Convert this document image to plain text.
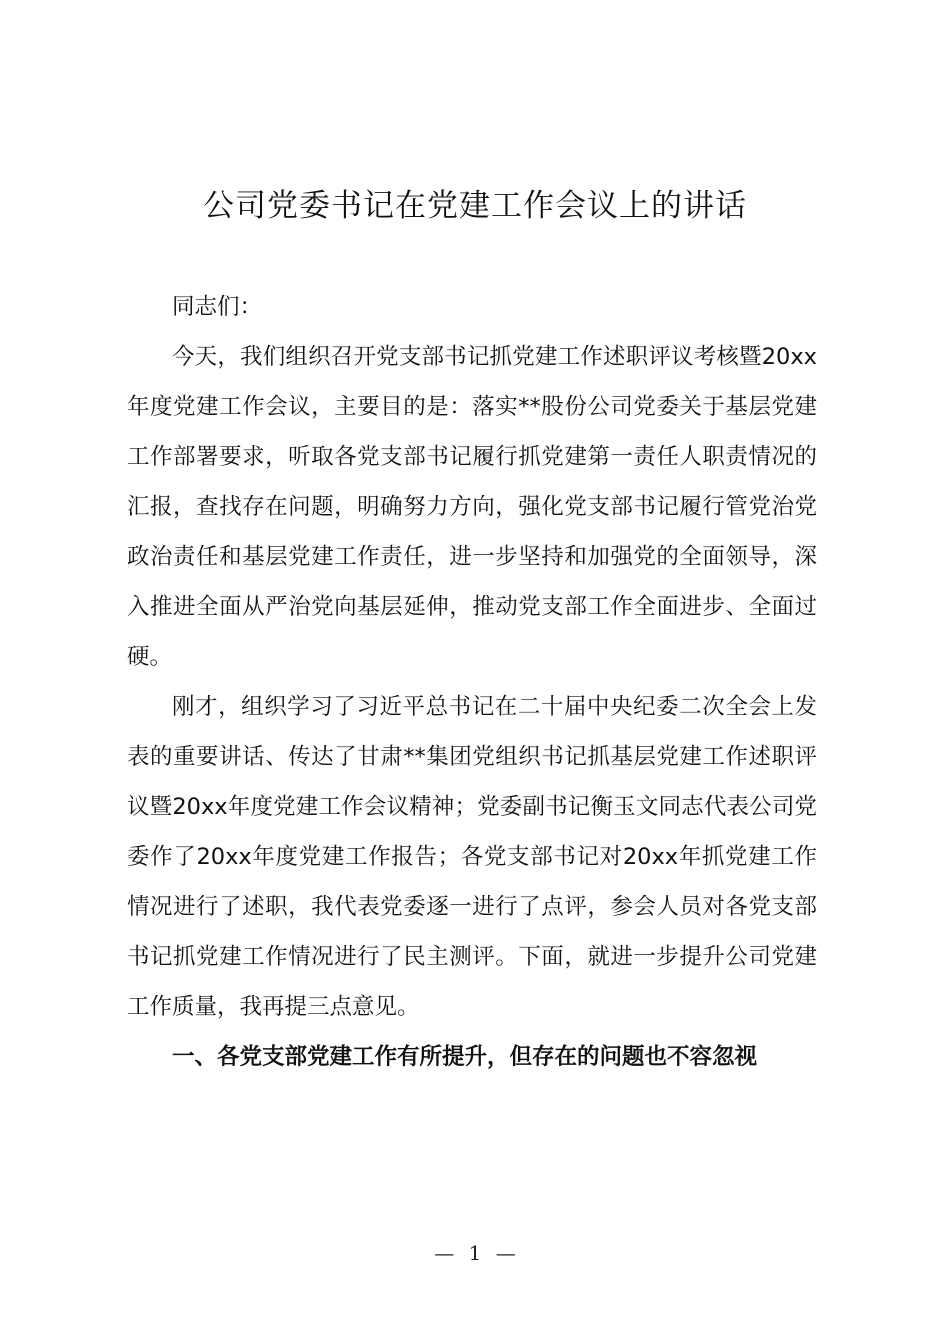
公司党委书记在党建工作会议上的讲话

同志们：

今天，我们组织召开党支部书记抓党建工作述职评议考核暨20xx年度党建工作会议，主要目的是：落实**股份公司党委关于基层党建工作部署要求，听取各党支部书记履行抓党建第一责任人职责情况的汇报，查找存在问题，明确努力方向，强化党支部书记履行管党治党政治责任和基层党建工作责任，进一步坚持和加强党的全面领导，深入推进全面从严治党向基层延伸，推动党支部工作全面进步、全面过硬。

刚才，组织学习了习近平总书记在二十届中央纪委二次全会上发表的重要讲话、传达了甘肃**集团党组织书记抓基层党建工作述职评议暨20xx年度党建工作会议精神；党委副书记衡玉文同志代表公司党委作了20xx年度党建工作报告；各党支部书记对20xx年抓党建工作情况进行了述职，我代表党委逐一进行了点评，参会人员对各党支部书记抓党建工作情况进行了民主测评。下面，就进一步提升公司党建工作质量，我再提三点意见。

一、各党支部党建工作有所提升，但存在的问题也不容忽视

— 1 —
